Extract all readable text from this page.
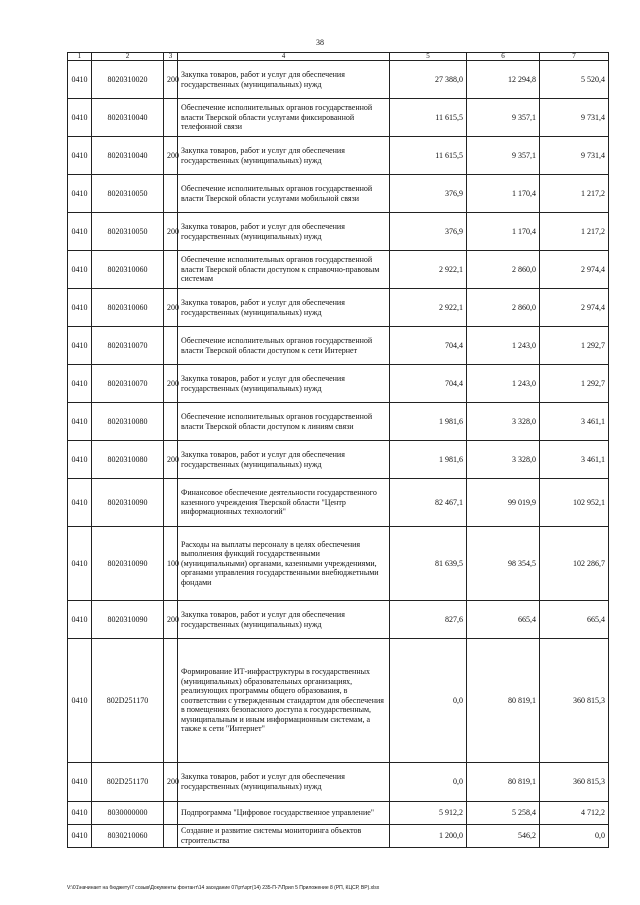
38
1	2	3	4	5	6	7
0410	8020310020	200	Закупка товаров, работ и услуг для обеспечения государственных (муниципальных) нужд	27 388,0	12 294,8	5 520,4
0410	8020310040		Обеспечение исполнительных органов государственной власти Тверской области услугами фиксированной телефонной связи	11 615,5	9 357,1	9 731,4
0410	8020310040	200	Закупка товаров, работ и услуг для обеспечения государственных (муниципальных) нужд	11 615,5	9 357,1	9 731,4
0410	8020310050		Обеспечение исполнительных органов государственной власти Тверской области услугами мобильной связи	376,9	1 170,4	1 217,2
0410	8020310050	200	Закупка товаров, работ и услуг для обеспечения государственных (муниципальных) нужд	376,9	1 170,4	1 217,2
0410	8020310060		Обеспечение исполнительных органов государственной власти Тверской области доступом к справочно-правовым системам	2 922,1	2 860,0	2 974,4
0410	8020310060	200	Закупка товаров, работ и услуг для обеспечения государственных (муниципальных) нужд	2 922,1	2 860,0	2 974,4
0410	8020310070		Обеспечение исполнительных органов государственной власти Тверской области доступом к сети Интернет	704,4	1 243,0	1 292,7
0410	8020310070	200	Закупка товаров, работ и услуг для обеспечения государственных (муниципальных) нужд	704,4	1 243,0	1 292,7
0410	8020310080		Обеспечение исполнительных органов государственной власти Тверской области доступом к линиям связи	1 981,6	3 328,0	3 461,1
0410	8020310080	200	Закупка товаров, работ и услуг для обеспечения государственных (муниципальных) нужд	1 981,6	3 328,0	3 461,1
0410	8020310090		Финансовое обеспечение деятельности государственного казенного учреждения Тверской области "Центр информационных технологий"	82 467,1	99 019,9	102 952,1
0410	8020310090	100	Расходы на выплаты персоналу в целях обеспечения выполнения функций государственными (муниципальными) органами, казенными учреждениями, органами управления государственными внебюджетными фондами	81 639,5	98 354,5	102 286,7
0410	8020310090	200	Закупка товаров, работ и услуг для обеспечения государственных (муниципальных) нужд	827,6	665,4	665,4
0410	802D251170		Формирование ИТ-инфраструктуры в государственных (муниципальных) образовательных организациях, реализующих программы общего образования, в соответствии с утвержденным стандартом для обеспечения в помещениях безопасного доступа к государственным, муниципальным и иным информационным системам, а также к сети "Интернет"	0,0	80 819,1	360 815,3
0410	802D251170	200	Закупка товаров, работ и услуг для обеспечения государственных (муниципальных) нужд	0,0	80 819,1	360 815,3
0410	8030000000		Подпрограмма "Цифровое государственное управление"	5 912,2	5 258,4	4 712,2
0410	8030210060		Создание и развитие системы мониторинга объектов строительства	1 200,0	546,2	0,0
V:\01\начинает на бюджету\7 созыв\Документы фонтант\14 заседание 07\рт\зрт(14) 235-П-7\Прил 5 Приложение 8 (РП, КЦСР, ВР).xlsx
